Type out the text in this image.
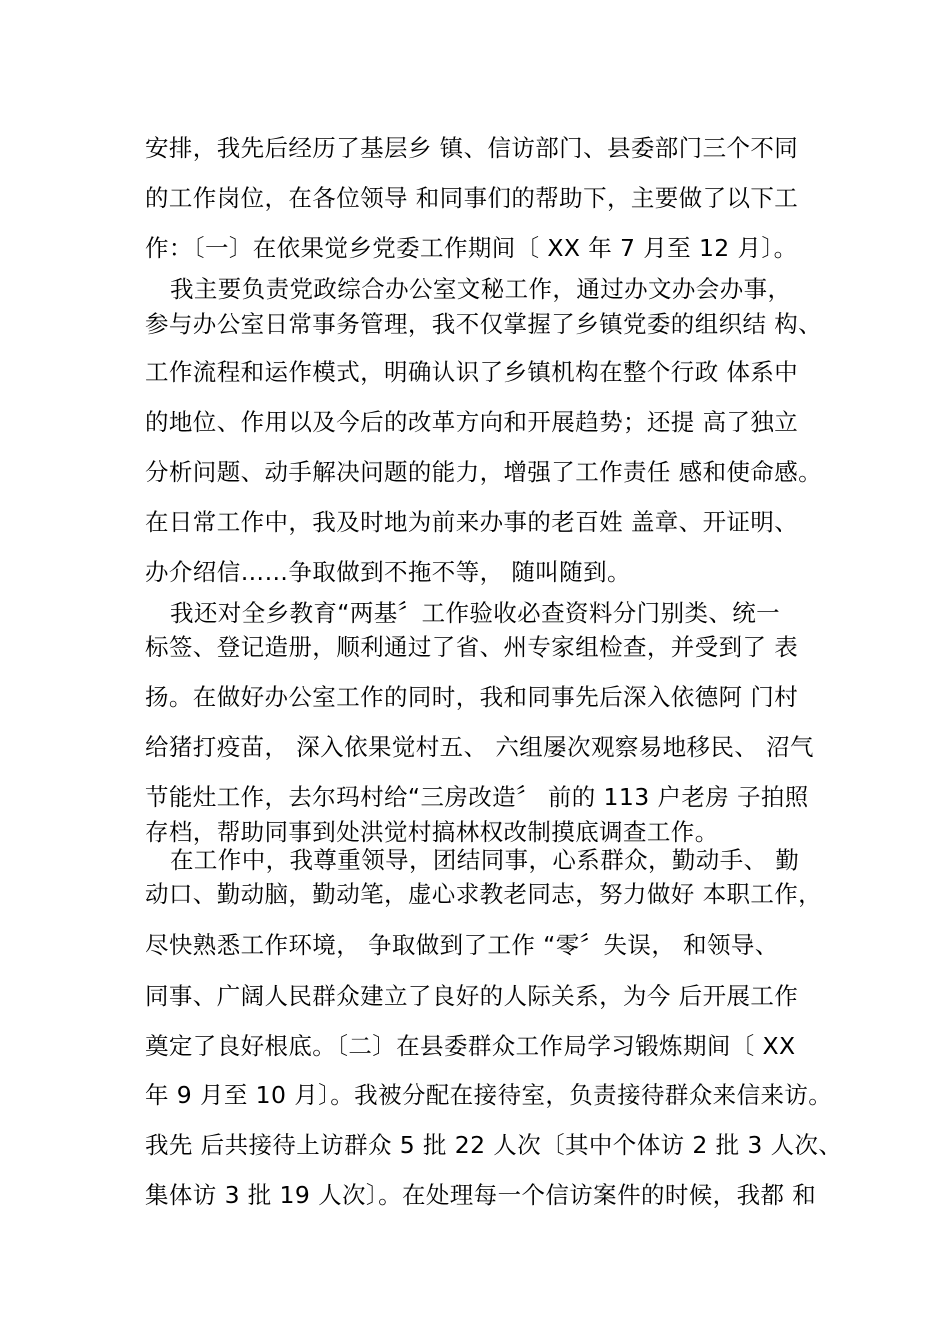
安排，我先后经历了基层乡 镇、信访部门、县委部门三个不同
的工作岗位，在各位领导 和同事们的帮助下，主要做了以下工
作：〔一〕在依果觉乡党委工作期间〔 XX 年 7 月至 12 月〕。
我主要负责党政综合办公室文秘工作，通过办文办会办事，
参与办公室日常事务管理，我不仅掌握了乡镇党委的组织结 构、
工作流程和运作模式，明确认识了乡镇机构在整个行政 体系中
的地位、作用以及今后的改革方向和开展趋势；还提 高了独立
分析问题、动手解决问题的能力，增强了工作责任 感和使命感。
在日常工作中，我及时地为前来办事的老百姓 盖章、开证明、
办介绍信……争取做到不拖不等， 随叫随到。
我还对全乡教育“两基〞工作验收必查资料分门别类、统一
标签、登记造册，顺利通过了省、州专家组检查，并受到了 表
扬。在做好办公室工作的同时，我和同事先后深入依德阿 门村
给猪打疫苗， 深入依果觉村五、 六组屡次观察易地移民、 沼气
节能灶工作，去尔玛村给“三房改造〞 前的 113 户老房 子拍照
存档，帮助同事到处洪觉村搞林权改制摸底调查工作。
在工作中，我尊重领导，团结同事，心系群众，勤动手、 勤
动口、勤动脑，勤动笔，虚心求教老同志，努力做好 本职工作，
尽快熟悉工作环境， 争取做到了工作 “零〞失误， 和领导、
同事、广阔人民群众建立了良好的人际关系，为今 后开展工作
奠定了良好根底。〔二〕在县委群众工作局学习锻炼期间〔 XX
年 9 月至 10 月〕。我被分配在接待室，负责接待群众来信来访。
我先 后共接待上访群众 5 批 22 人次〔其中个体访 2 批 3 人次、
集体访 3 批 19 人次〕。在处理每一个信访案件的时候，我都 和
